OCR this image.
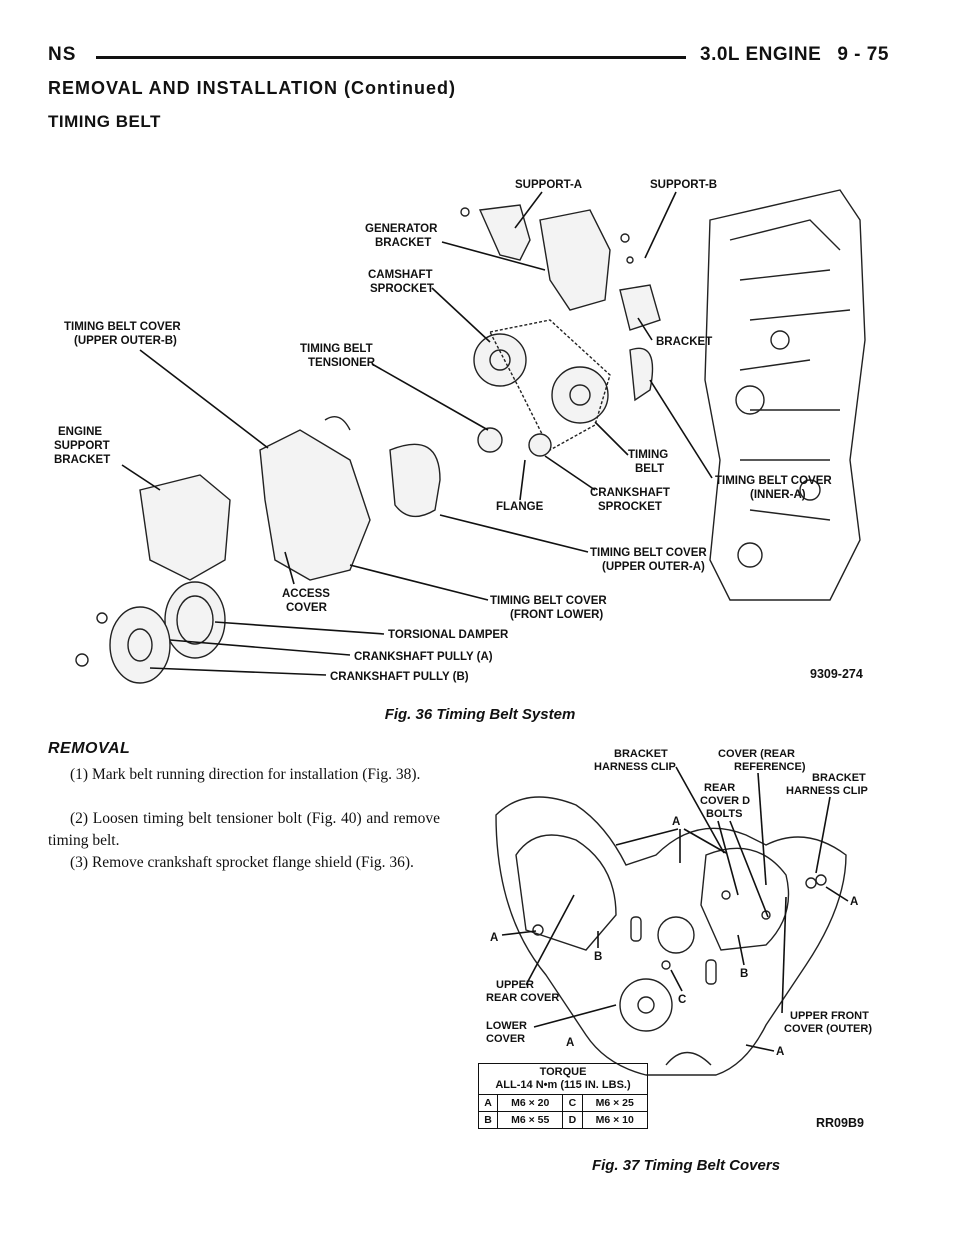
NS	3.0L ENGINE 9 - 75
REMOVAL AND INSTALLATION (Continued)
TIMING BELT
SUPPORT-A	SUPPORT-B
GENERATOR
BRACKET
CAMSHAFT
SPROCKET
TIMING BELT COVER
(UPPER OUTER-B)
TIMING BELT
TENSIONER
BRACKET
ENGINE
SUPPORT
BRACKET	TIMING
BELT
TIMING BELT COVER
(INNER-A)
FLANGE
CRANKSHAFT
SPROCKET
TIMING BELT COVER
(UPPER OUTER-A)
ACCESS
COVER
TIMING BELT COVER
(FRONT LOWER)
TORSIONAL DAMPER
CRANKSHAFT PULLY (A)
CRANKSHAFT PULLY (B)	9309-274
Fig. 36 Timing Belt System
REMOVAL
(1) Mark belt running direction for installation (Fig. 38).
(2) Loosen timing belt tensioner bolt (Fig. 40) and remove timing belt.
(3) Remove crankshaft sprocket flange shield (Fig. 36).
BRACKET
HARNESS CLIP
COVER (REAR
REFERENCE)
REAR
COVER D
BOLTS
BRACKET
HARNESS CLIP
A
A
A
B
B
C
UPPER
REAR COVER
LOWER
COVER	A
UPPER FRONT
COVER (OUTER)
A
RR09B9
TORQUE
ALL-14 N•m (115 IN. LBS.)			

A	M6 × 20	C	M6 × 25
B	M6 × 55	D	M6 × 10
Fig. 37 Timing Belt Covers
